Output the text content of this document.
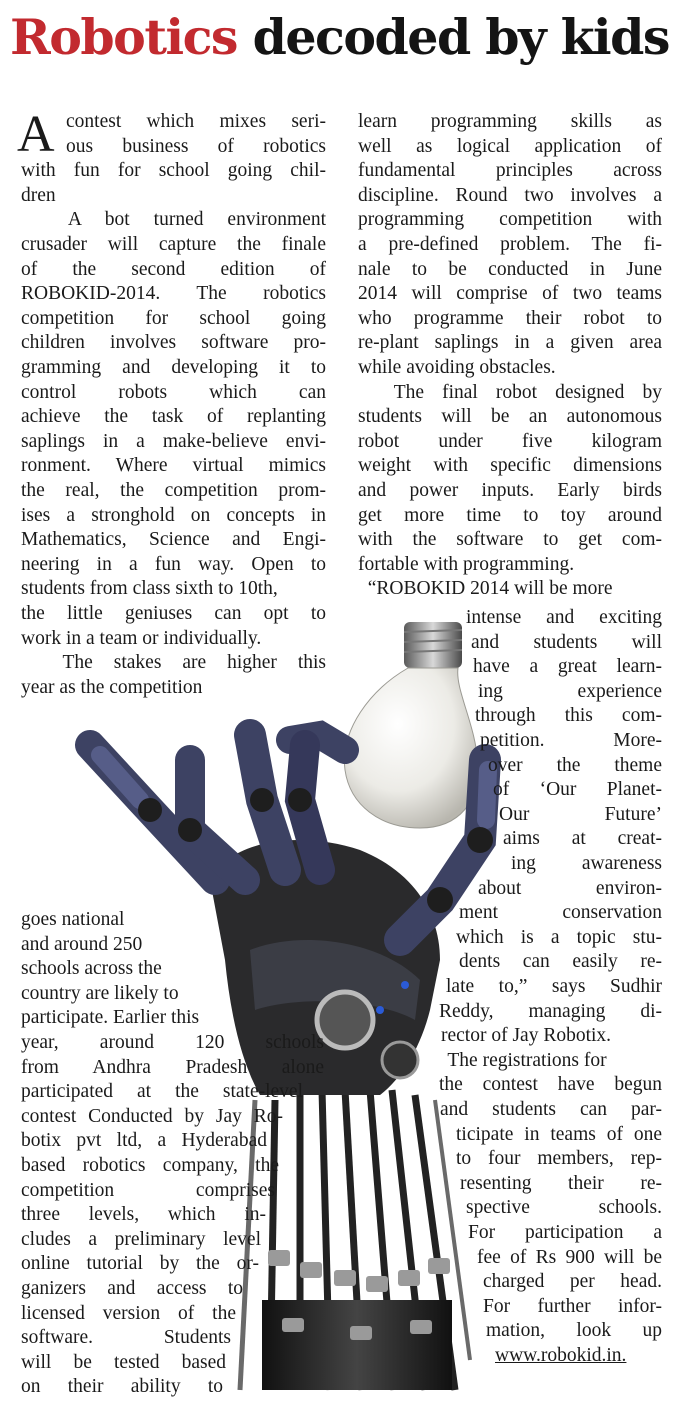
Robotics decoded by kids
A contest which mixes seri-
ous business of robotics
with fun for school going chil-
dren
A bot turned environment
crusader will capture the finale
of the second edition of
ROBOKID-2014. The robotics
competition for school going
children involves software pro-
gramming and developing it to
control robots which can
achieve the task of replanting
saplings in a make-believe envi-
ronment. Where virtual mimics
the real, the competition prom-
ises a stronghold on concepts in
Mathematics, Science and Engi-
neering in a fun way. Open to
students from class sixth to 10th,
the little geniuses can opt to
work in a team or individually.
The stakes are higher this
year as the competition
goes national
and around 250
schools across the
country are likely to
participate. Earlier this
year, around 120 schools
from Andhra Pradesh alone
participated at the state-level
contest Conducted by Jay Ro-
botix pvt ltd, a Hyderabad
based robotics company, the
competition comprises
three levels, which in-
cludes a preliminary level
online tutorial by the or-
ganizers and access to
licensed version of the
software. Students
will be tested based
on their ability to
learn programming skills as
well as logical application of
fundamental principles across
discipline. Round two involves a
programming competition with
a pre-defined problem. The fi-
nale to be conducted in June
2014 will comprise of two teams
who programme their robot to
re-plant saplings in a given area
while avoiding obstacles.
The final robot designed by
students will be an autonomous
robot under five kilogram
weight with specific dimensions
and power inputs. Early birds
get more time to toy around
with the software to get com-
fortable with programming.
“ROBOKID 2014 will be more
intense and exciting
and students will
have a great learn-
ing experience
through this com-
petition. More-
over the theme
of ‘Our Planet-
Our Future’
aims at creat-
ing awareness
about environ-
ment conservation
which is a topic stu-
dents can easily re-
late to,” says Sudhir
Reddy, managing di-
rector of Jay Robotix.
The registrations for
the contest have begun
and students can par-
ticipate in teams of one
to four members, rep-
resenting their re-
spective schools.
For participation a
fee of Rs 900 will be
charged per head.
For further infor-
mation, look up
www.robokid.in.
